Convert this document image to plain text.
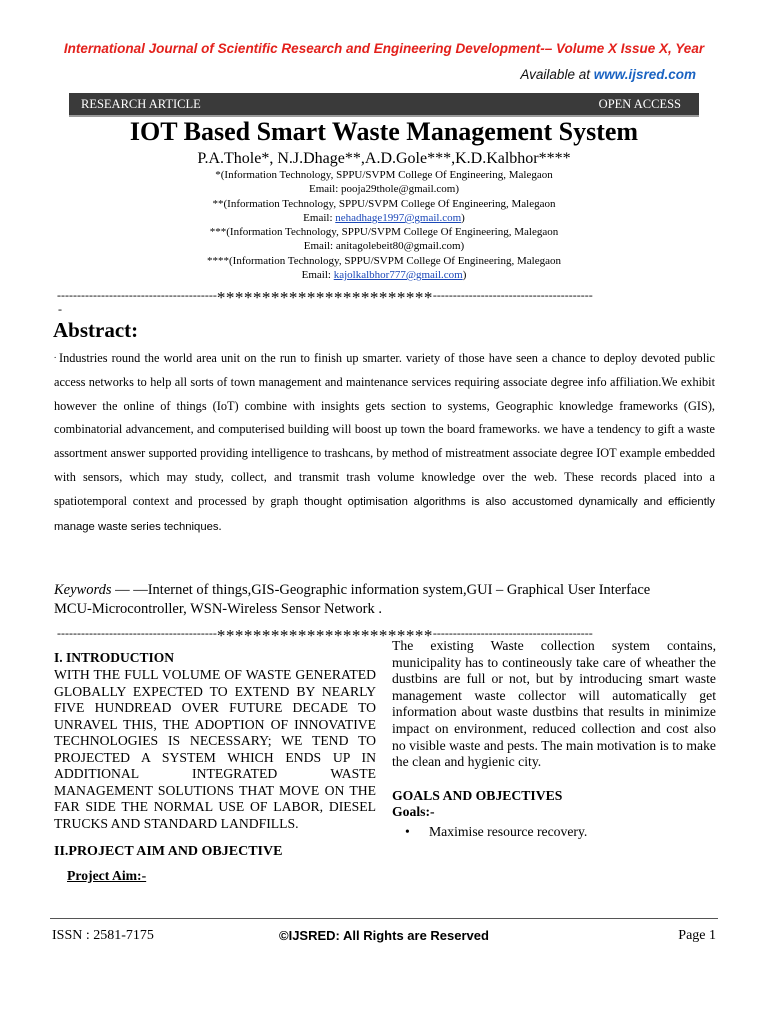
International Journal of Scientific Research and Engineering Development-– Volume X Issue X, Year
Available at www.ijsred.com
RESEARCH ARTICLE	OPEN ACCESS
IOT Based Smart Waste Management System
P.A.Thole*, N.J.Dhage**,A.D.Gole***,K.D.Kalbhor****
*(Information Technology, SPPU/SVPM College Of Engineering, Malegaon
Email: pooja29thole@gmail.com)
**(Information Technology, SPPU/SVPM College Of Engineering, Malegaon
Email: nehadhage1997@gmail.com)
***(Information Technology, SPPU/SVPM College Of Engineering, Malegaon
Email: anitagolebeit80@gmail.com)
****(Information Technology, SPPU/SVPM College Of Engineering, Malegaon
Email: kajolkalbhor777@gmail.com)
----------------------------------------************************----------------------------------------
-
Abstract:
. Industries round the world area unit on the run to finish up smarter. variety of those have seen a chance to deploy devoted public access networks to help all sorts of town management and maintenance services requiring associate degree info affiliation.We exhibit however the online of things (IoT) combine with insights gets section to systems, Geographic knowledge frameworks (GIS), combinatorial advancement, and computerised building will boost up town the board frameworks. we have a tendency to gift a waste assortment answer supported providing intelligence to trashcans, by method of mistreatment associate degree IOT example embedded with sensors, which may study, collect, and transmit trash volume knowledge over the web. These records placed into a spatiotemporal context and processed by graph thought optimisation algorithms is also accustomed dynamically and efficiently manage waste series techniques.
Keywords — —Internet of things,GIS-Geographic information system,GUI – Graphical User Interface
MCU-Microcontroller, WSN-Wireless Sensor Network .
----------------------------------------************************----------------------------------------
I. INTRODUCTION
WITH THE FULL VOLUME OF WASTE GENERATED GLOBALLY EXPECTED TO EXTEND BY NEARLY FIVE HUNDREAD OVER FUTURE DECADE TO UNRAVEL THIS, THE ADOPTION OF INNOVATIVE TECHNOLOGIES IS NECESSARY; WE TEND TO PROJECTED A SYSTEM WHICH ENDS UP IN ADDITIONAL INTEGRATED WASTE MANAGEMENT SOLUTIONS THAT MOVE ON THE FAR SIDE THE NORMAL USE OF LABOR, DIESEL TRUCKS AND STANDARD LANDFILLS.
II.PROJECT AIM AND OBJECTIVE
Project Aim:-
The existing Waste collection system contains, municipality has to contineously take care of wheather the dustbins are full or not, but by introducing smart waste management waste collector will automatically get information about waste dustbins that results in minimize impact on environment, reduced collection and cost also no visible waste and pests. The main motivation is to make the clean and hygienic city.
GOALS AND OBJECTIVES
Goals:-
• Maximise resource recovery.
ISSN : 2581-7175	©IJSRED: All Rights are Reserved	Page 1
